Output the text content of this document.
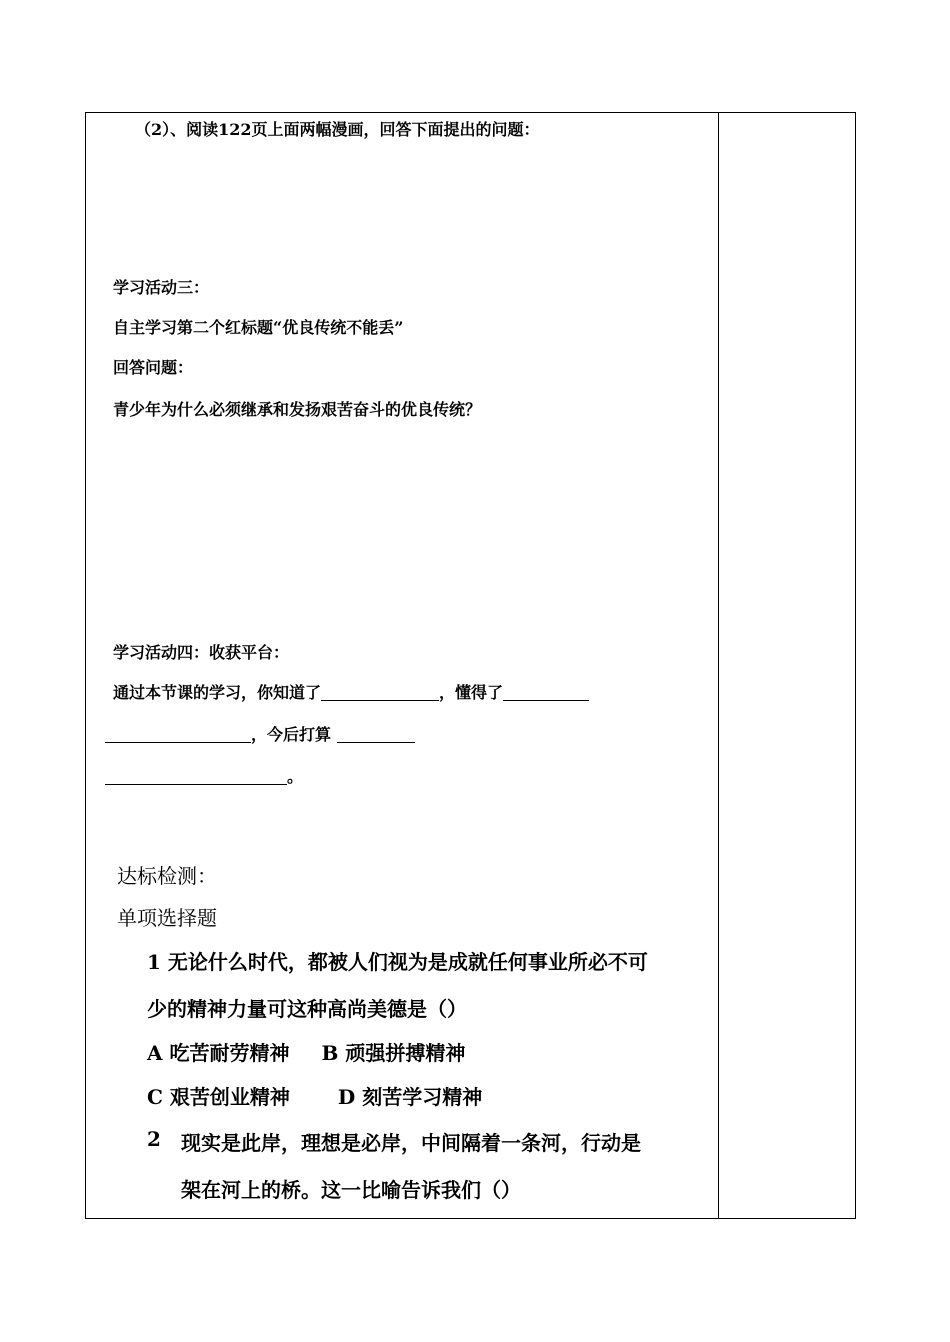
（2）、阅读122页上面两幅漫画，回答下面提出的问题：
学习活动三：
自主学习第二个红标题“优良传统不能丢”
回答问题：
青少年为什么必须继承和发扬艰苦奋斗的优良传统？
学习活动四：收获平台：
通过本节课的学习，你知道了	，懂得了
，今后打算
。
达标检测：
单项选择题
1 无论什么时代，都被人们视为是成就任何事业所必不可
少的精神力量可这种高尚美德是（）
A 吃苦耐劳精神 B 顽强拼搏精神
C 艰苦创业精神 D 刻苦学习精神
2 现实是此岸，理想是必岸，中间隔着一条河，行动是
架在河上的桥。这一比喻告诉我们（）
